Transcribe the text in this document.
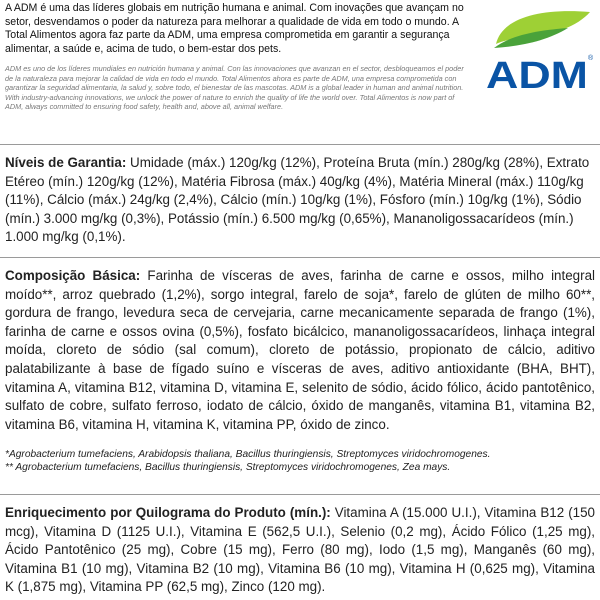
A ADM é uma das líderes globais em nutrição humana e animal. Com inovações que avançam no setor, desvendamos o poder da natureza para melhorar a qualidade de vida em todo o mundo. A Total Alimentos agora faz parte da ADM, uma empresa comprometida em garantir a segurança alimentar, a saúde e, acima de tudo, o bem-estar dos pets.

ADM es uno de los líderes mundiales en nutrición humana y animal. Con las innovaciones que avanzan en el sector, desbloqueamos el poder de la naturaleza para mejorar la calidad de vida en todo el mundo. Total Alimentos ahora es parte de ADM, una empresa comprometida con garantizar la seguridad alimentaria, la salud y, sobre todo, el bienestar de las mascotas. ADM is a global leader in human and animal nutrition. With industry-advancing innovations, we unlock the power of nature to enrich the quality of life the world over. Total Alimentos is now part of ADM, always committed to ensuring food safety, health and, above all, animal welfare.

ADM ®
Níveis de Garantia: Umidade (máx.) 120g/kg (12%), Proteína Bruta (mín.) 280g/kg (28%), Extrato Etéreo (mín.) 120g/kg (12%), Matéria Fibrosa (máx.) 40g/kg (4%), Matéria Mineral (máx.) 110g/kg (11%), Cálcio (máx.) 24g/kg (2,4%), Cálcio (mín.) 10g/kg (1%), Fósforo (mín.) 10g/kg (1%), Sódio (mín.) 3.000 mg/kg (0,3%), Potássio (mín.) 6.500 mg/kg (0,65%), Mananoligossacarídeos (mín.) 1.000 mg/kg (0,1%).
Composição Básica: Farinha de vísceras de aves, farinha de carne e ossos, milho integral moído**, arroz quebrado (1,2%), sorgo integral, farelo de soja*, farelo de glúten de milho 60**, gordura de frango, levedura seca de cervejaria, carne mecanicamente separada de frango (1%), farinha de carne e ossos ovina (0,5%), fosfato bicálcico, mananoligossacarídeos, linhaça integral moída, cloreto de sódio (sal comum), cloreto de potássio, propionato de cálcio, aditivo palatabilizante à base de fígado suíno e vísceras de aves, aditivo antioxidante (BHA, BHT), vitamina A, vitamina B12, vitamina D, vitamina E, selenito de sódio, ácido fólico, ácido pantotênico, sulfato de cobre, sulfato ferroso, iodato de cálcio, óxido de manganês, vitamina B1, vitamina B2, vitamina B6, vitamina H, vitamina K, vitamina PP, óxido de zinco.

*Agrobacterium tumefaciens, Arabidopsis thaliana, Bacillus thuringiensis, Streptomyces viridochromogenes.

** Agrobacterium tumefaciens, Bacillus thuringiensis, Streptomyces viridochromogenes, Zea mays.

Enriquecimento por Quilograma do Produto (mín.): Vitamina A (15.000 U.I.), Vitamina B12 (150 mcg), Vitamina D (1125 U.I.), Vitamina E (562,5 U.I.), Selenio (0,2 mg), Ácido Fólico (1,25 mg), Ácido Pantotênico (25 mg), Cobre (15 mg), Ferro (80 mg), Iodo (1,5 mg), Manganês (60 mg), Vitamina B1 (10 mg), Vitamina B2 (10 mg), Vitamina B6 (10 mg), Vitamina H (0,625 mg), Vitamina K (1,875 mg), Vitamina PP (62,5 mg), Zinco (120 mg).
